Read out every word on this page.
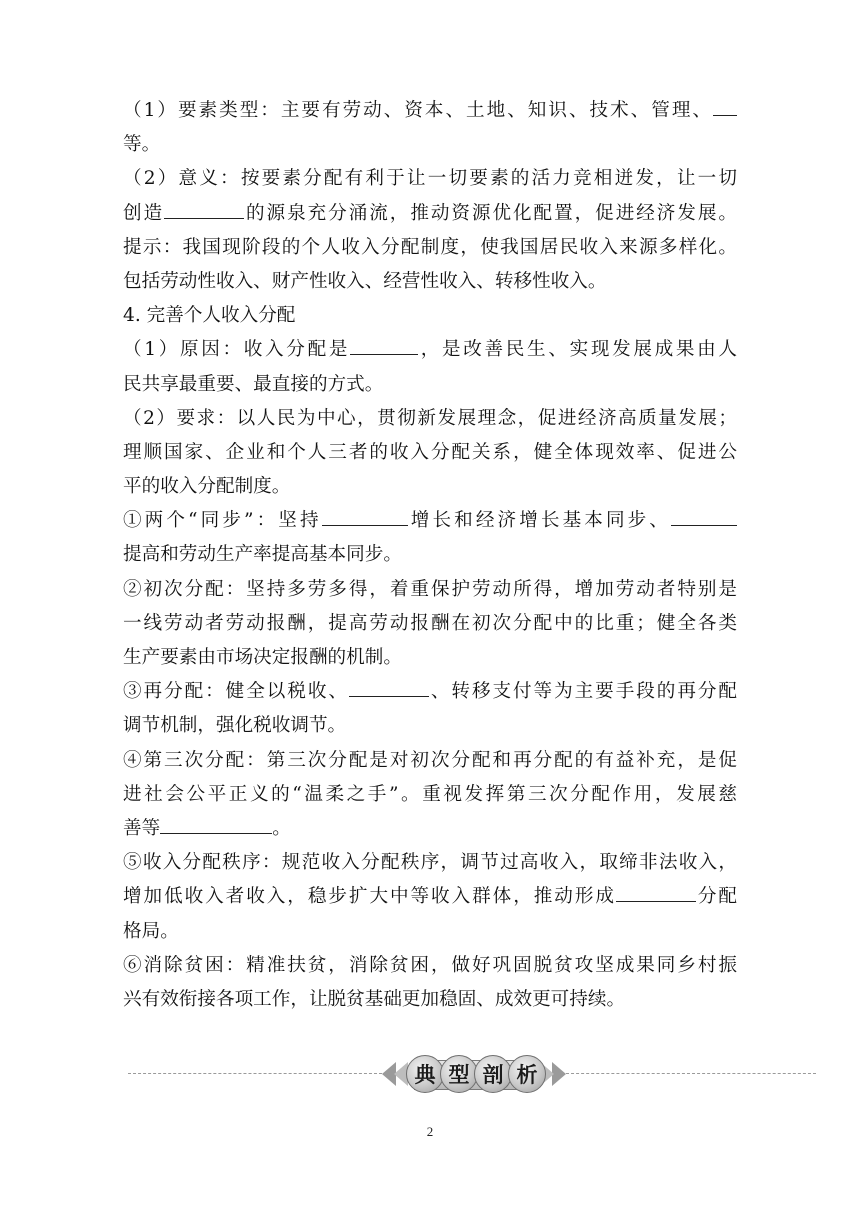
（1）要素类型：主要有劳动、资本、土地、知识、技术、管理、
等。
（2）意义：按要素分配有利于让一切要素的活力竞相迸发，让一切
创造	的源泉充分涌流，推动资源优化配置，促进经济发展。
提示：我国现阶段的个人收入分配制度，使我国居民收入来源多样化。
包括劳动性收入、财产性收入、经营性收入、转移性收入。
4. 完善个人收入分配
（1）原因：收入分配是	，是改善民生、实现发展成果由人
民共享最重要、最直接的方式。
（2）要求：以人民为中心，贯彻新发展理念，促进经济高质量发展；
理顺国家、企业和个人三者的收入分配关系，健全体现效率、促进公
平的收入分配制度。
①两个“同步”：坚持	增长和经济增长基本同步、
提高和劳动生产率提高基本同步。
②初次分配：坚持多劳多得，着重保护劳动所得，增加劳动者特别是
一线劳动者劳动报酬，提高劳动报酬在初次分配中的比重；健全各类
生产要素由市场决定报酬的机制。
③再分配：健全以税收、	、转移支付等为主要手段的再分配
调节机制，强化税收调节。
④第三次分配：第三次分配是对初次分配和再分配的有益补充，是促
进社会公平正义的“温柔之手”。重视发挥第三次分配作用，发展慈
善等	。
⑤收入分配秩序：规范收入分配秩序，调节过高收入，取缔非法收入，
增加低收入者收入，稳步扩大中等收入群体，推动形成	分配
格局。
⑥消除贫困：精准扶贫，消除贫困，做好巩固脱贫攻坚成果同乡村振
兴有效衔接各项工作，让脱贫基础更加稳固、成效更可持续。
典 型 剖 析
2
